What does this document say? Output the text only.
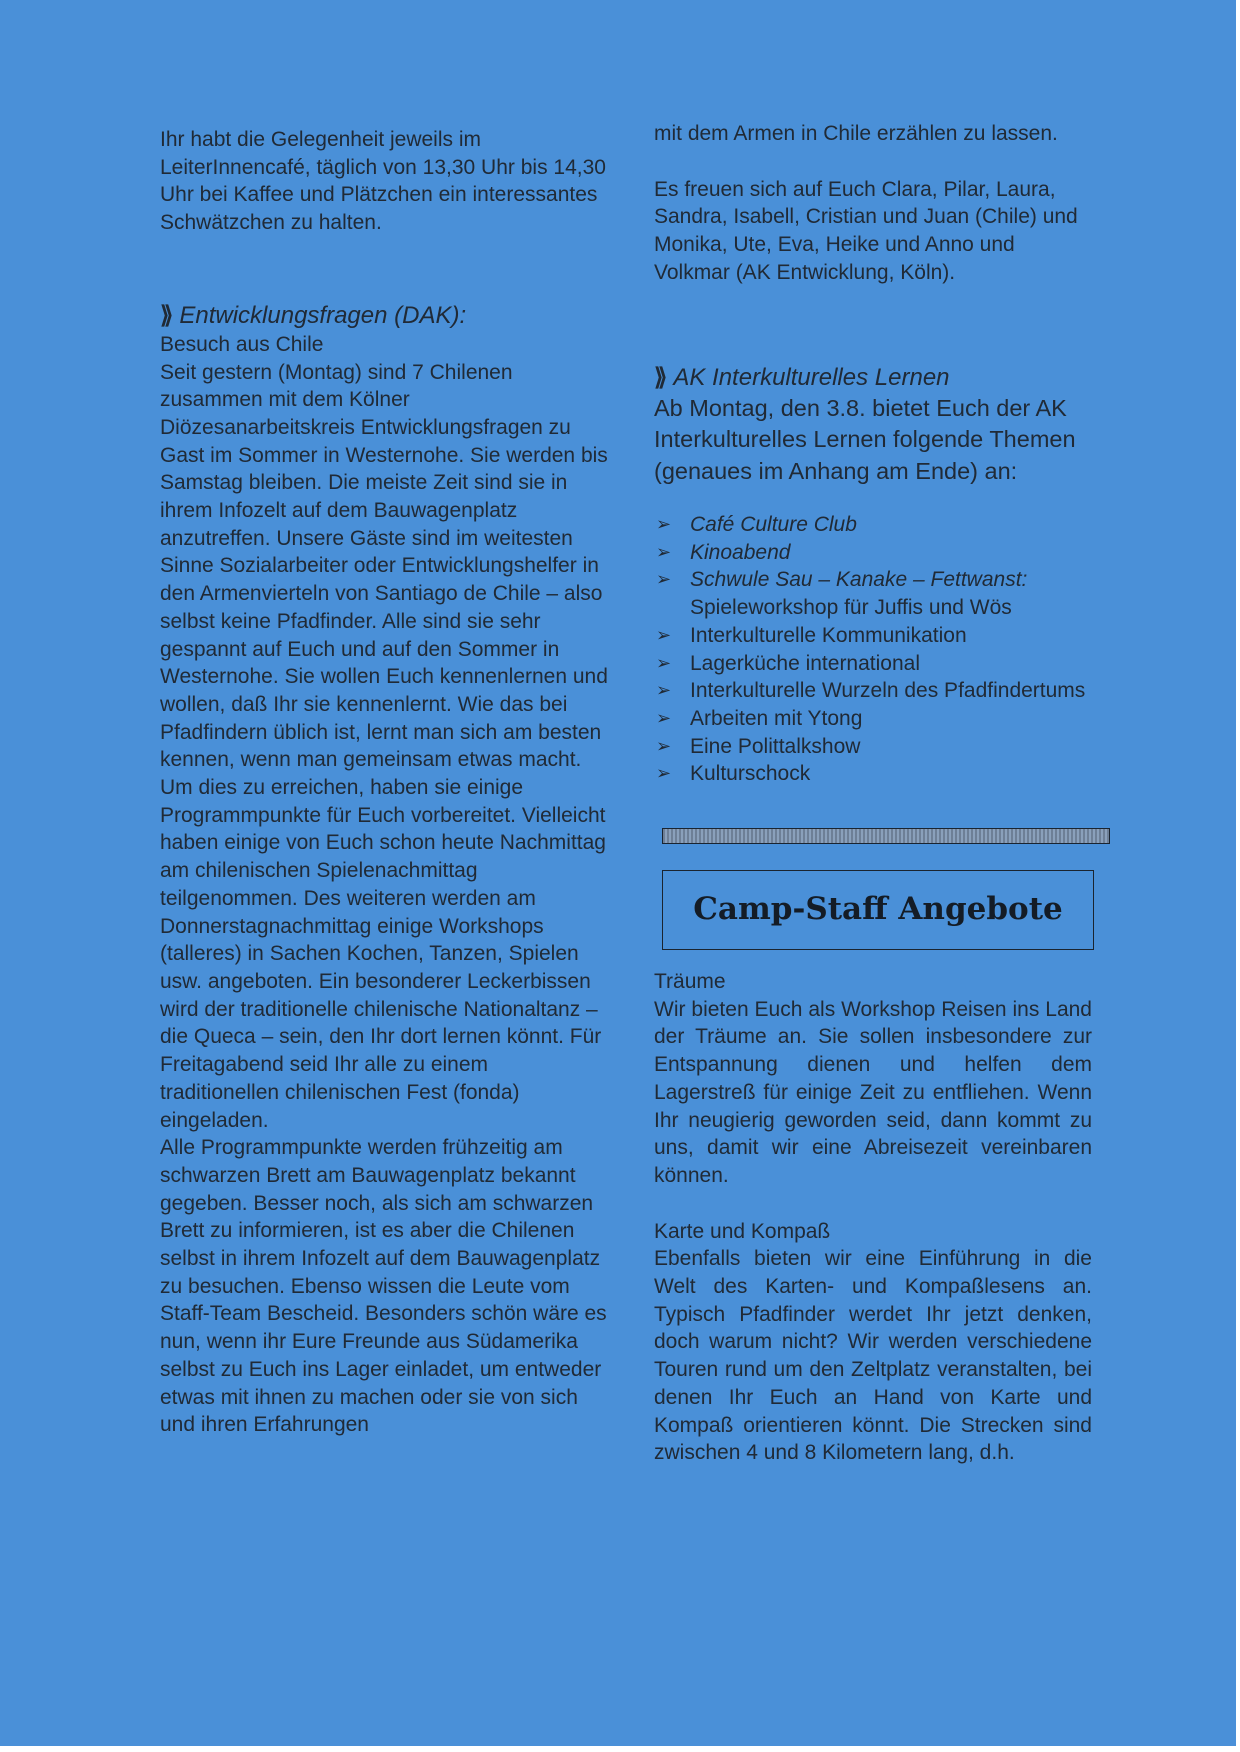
Ihr habt die Gelegenheit jeweils im LeiterInnencafé, täglich von 13,30 Uhr bis 14,30 Uhr bei Kaffee und Plätzchen ein interessantes Schwätzchen zu halten.

⟫ Entwicklungsfragen (DAK):

Besuch aus Chile

Seit gestern (Montag) sind 7 Chilenen zusammen mit dem Kölner Diözesanarbeitskreis Entwicklungsfragen zu Gast im Sommer in Westernohe. Sie werden bis Samstag bleiben. Die meiste Zeit sind sie in ihrem Infozelt auf dem Bauwagenplatz anzutreffen. Unsere Gäste sind im weitesten Sinne Sozialarbeiter oder Entwicklungshelfer in den Armenvierteln von Santiago de Chile – also selbst keine Pfadfinder. Alle sind sie sehr gespannt auf Euch und auf den Sommer in Westernohe. Sie wollen Euch kennenlernen und wollen, daß Ihr sie kennenlernt. Wie das bei Pfadfindern üblich ist, lernt man sich am besten kennen, wenn man gemeinsam etwas macht.

Um dies zu erreichen, haben sie einige Programmpunkte für Euch vorbereitet. Vielleicht haben einige von Euch schon heute Nachmittag am chilenischen Spielenachmittag teilgenommen. Des weiteren werden am Donnerstagnachmittag einige Workshops (talleres) in Sachen Kochen, Tanzen, Spielen usw. angeboten. Ein besonderer Leckerbissen wird der traditionelle chilenische Nationaltanz – die Queca – sein, den Ihr dort lernen könnt. Für Freitagabend seid Ihr alle zu einem traditionellen chilenischen Fest (fonda) eingeladen.

Alle Programmpunkte werden frühzeitig am schwarzen Brett am Bauwagenplatz bekannt gegeben. Besser noch, als sich am schwarzen Brett zu informieren, ist es aber die Chilenen selbst in ihrem Infozelt auf dem Bauwagenplatz zu besuchen. Ebenso wissen die Leute vom Staff-Team Bescheid. Besonders schön wäre es nun, wenn ihr Eure Freunde aus Südamerika selbst zu Euch ins Lager einladet, um entweder etwas mit ihnen zu machen oder sie von sich und ihren Erfahrungen

mit dem Armen in Chile erzählen zu lassen.

Es freuen sich auf Euch Clara, Pilar, Laura, Sandra, Isabell, Cristian und Juan (Chile) und Monika, Ute, Eva, Heike und Anno und Volkmar (AK Entwicklung, Köln).

⟫ AK Interkulturelles Lernen

Ab Montag, den 3.8. bietet Euch der AK Interkulturelles Lernen folgende Themen (genaues im Anhang am Ende) an:

➢ Café Culture Club
➢ Kinoabend
➢ Schwule Sau – Kanake – Fettwanst:
Spieleworkshop für Juffis und Wös
➢ Interkulturelle Kommunikation
➢ Lagerküche international
➢ Interkulturelle Wurzeln des Pfadfindertums
➢ Arbeiten mit Ytong
➢ Eine Polittalkshow
➢ Kulturschock
Camp-Staff Angebote

Träume

Wir bieten Euch als Workshop Reisen ins Land der Träume an. Sie sollen insbesondere zur Entspannung dienen und helfen dem Lagerstreß für einige Zeit zu entfliehen. Wenn Ihr neugierig geworden seid, dann kommt zu uns, damit wir eine Abreisezeit vereinbaren können.

Karte und Kompaß

Ebenfalls bieten wir eine Einführung in die Welt des Karten- und Kompaßlesens an. Typisch Pfadfinder werdet Ihr jetzt denken, doch warum nicht? Wir werden verschiedene Touren rund um den Zeltplatz veranstalten, bei denen Ihr Euch an Hand von Karte und Kompaß orientieren könnt. Die Strecken sind zwischen 4 und 8 Kilometern lang, d.h.
